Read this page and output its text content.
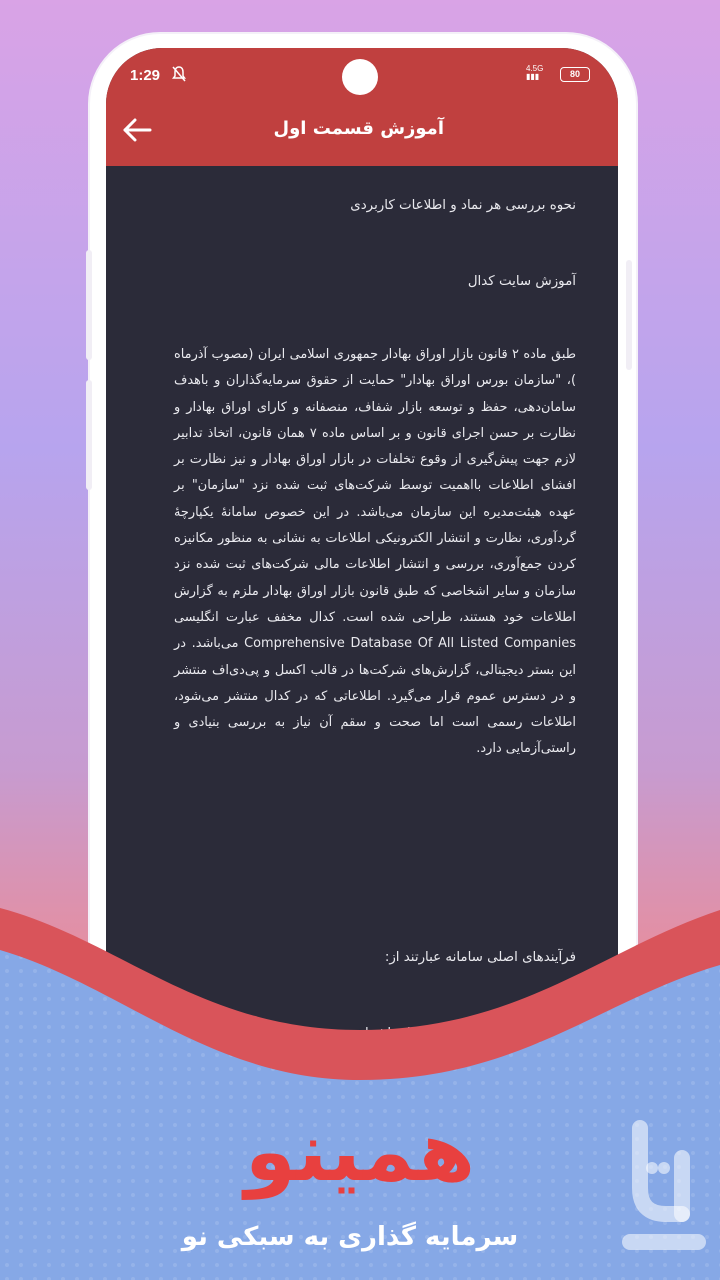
1:29	4.5G
▮▮▮	80
آموزش قسمت اول
نحوه بررسی هر نماد و اطلاعات کاربردی
آموزش سایت کدال
طبق ماده ۲ قانون بازار اوراق بهادار جمهوری اسلامی ایران (مصوب آذرماه )، "سازمان بورس اوراق بهادار" حمایت از حقوق سرمایه‌گذاران و باهدف سامان‌دهی، حفظ و توسعه بازار شفاف، منصفانه و کارای اوراق بهادار و نظارت بر حسن اجرای قانون و بر اساس ماده ۷ همان قانون، اتخاذ تدابیر لازم جهت پیش‌گیری از وقوع تخلفات در بازار اوراق بهادار و نیز نظارت بر افشای اطلاعات بااهمیت توسط شرکت‌های ثبت شده نزد "سازمان" بر عهده هیئت‌مدیره این سازمان می‌باشد. در این خصوص سامانهٔ یکپارچهٔ گردآوری، نظارت و انتشار الکترونیکی اطلاعات به نشانی به منظور مکانیزه کردن جمع‌آوری، بررسی و انتشار اطلاعات مالی شرکت‌های ثبت شده نزد سازمان و سایر اشخاصی که طبق قانون بازار اوراق بهادار ملزم به گزارش اطلاعات خود هستند، طراحی شده است. کدال مخفف عبارت انگلیسی Comprehensive Database Of All Listed Companies می‌باشد. در این بستر دیجیتالی، گزارش‌های شرکت‌ها در قالب اکسل و پی‌دی‌اف منتشر و در دسترس عموم قرار می‌گیرد. اطلاعاتی که در کدال منتشر می‌شود، اطلاعات رسمی است اما صحت و سقم آن نیاز به بررسی بنیادی و راستی‌آزمایی دارد.
فرآیندهای اصلی سامانه عبارتند از:
همینو
سرمایه گذاری به سبکی نو
